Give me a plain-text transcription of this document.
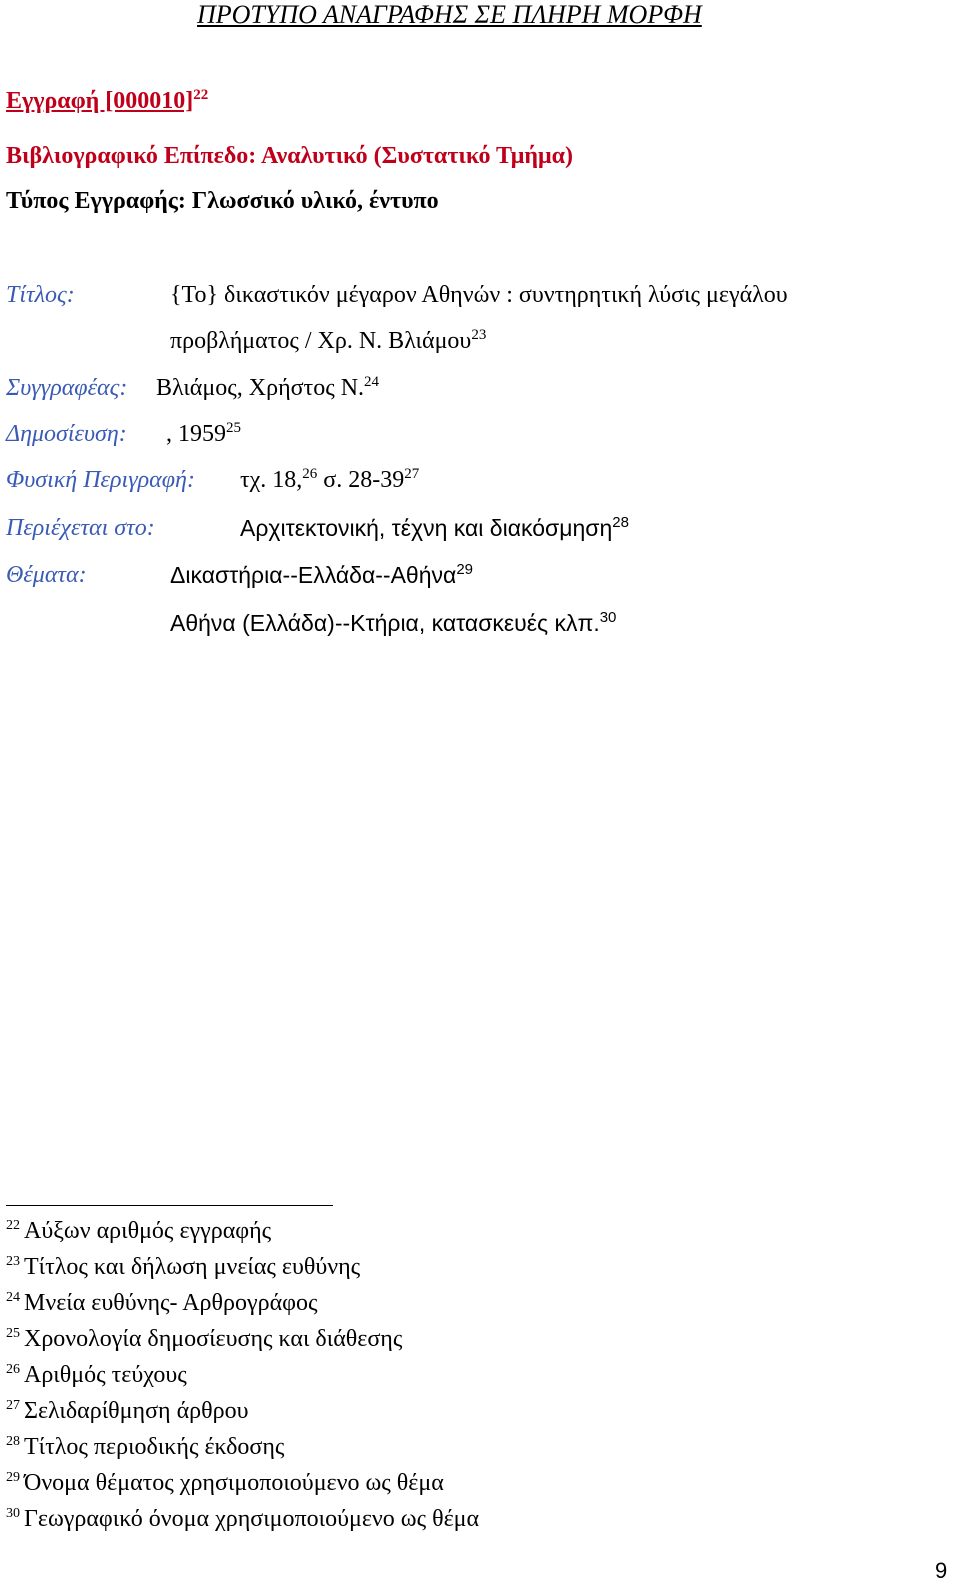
ΠΡΟΤΥΠΟ ΑΝΑΓΡΑΦΗΣ ΣΕ ΠΛΗΡΗ ΜΟΡΦΗ
Εγγραφή $[000010]^{22}$
Βιβλιογραφικό Επίπεδο: Αναλυτικό (Συστατικό Τμήμα)
Τύπος Εγγραφής: Γλωσσικό υλικό, έντυπο
Τίτλος:	{Το} δικαστικόν μέγαρον Αθηνών : συντηρητική λύσις μεγάλου
προβλήματος / Χρ. Ν. Βλιάμου$^{23}$
Συγγραφέας: Βλιάμος, Χρήστος Ν.$^{24}$
Δημοσίευση: , 1959$^{25}$
Φυσική Περιγραφή: τχ. 18,26 σ. $28-39^{27}$
Περιέχεται στο:	Αρχιτεκτονική, τέχνη και διακόσμηση$^{28}$
Θέματα:	Δικαστήρια--Ελλάδα--Αθήνα$^{29}$
Αθήνα (Ελλάδα)--Κτήρια, κατασκευές κλπ.$^{30}$
$^{22}$ Αύξων αριθμός εγγραφής
$^{23}$ Τίτλος και δήλωση μνείας ευθύνης
$^{24}$ Μνεία ευθύνης- Αρθρογράφος
$^{25}$ Χρονολογία δημοσίευσης και διάθεσης
$^{26}$ Αριθμός τεύχους
$^{27}$ Σελιδαρίθμηση άρθρου
$^{28}$ Τίτλος περιοδικής έκδοσης
$^{29}$ Όνομα θέματος χρησιμοποιούμενο ως θέμα
$^{30}$ Γεωγραφικό όνομα χρησιμοποιούμενο ως θέμα
9
